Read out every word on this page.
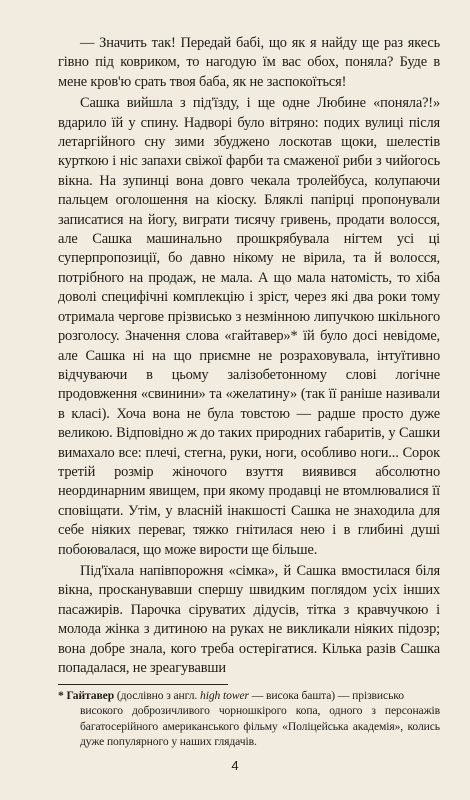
— Значить так! Передай бабі, що як я найду ще раз якесь гівно під ковриком, то нагодую їм вас обох, поняла? Буде в мене кров'ю срать твоя баба, як не заспокоїться!

Сашка вийшла з під'їзду, і ще одне Любине «поняла?!» вдарило їй у спину. Надворі було вітряно: подих вулиці після летаргійного сну зими збуджено лоскотав щоки, шелестів курткою і ніс запахи свіжої фарби та смаженої риби з чийогось вікна. На зупинці вона довго чекала тролейбуса, колупаючи пальцем оголошення на кіоску. Бляклі папірці пропонували записатися на йогу, виграти тисячу гривень, продати волосся, але Сашка машинально прошкрябувала нігтем усі ці суперпропозиції, бо давно нікому не вірила, та й волосся, потрібного на продаж, не мала. А що мала натомість, то хіба доволі специфічні комплекцію і зріст, через які два роки тому отримала чергове прізвисько з незмінною липучкою шкільного розголосу. Значення слова «гайтавер»* їй було досі невідоме, але Сашка ні на що приємне не розраховувала, інтуїтивно відчуваючи в цьому залізобетонному слові логічне продовження «свинини» та «желатину» (так її раніше називали в класі). Хоча вона не була товстою — радше просто дуже великою. Відповідно ж до таких природних габаритів, у Сашки вимахало все: плечі, стегна, руки, ноги, особливо ноги... Сорок третій розмір жіночого взуття виявився абсолютно неординарним явищем, при якому продавці не втомлювалися її сповіщати. Утім, у власній інакшості Сашка не знаходила для себе ніяких переваг, тяжко гнітилася нею і в глибині душі побоювалася, що може вирости ще більше.

Під'їхала напівпорожня «сімка», й Сашка вмостилася біля вікна, просканувавши спершу швидким поглядом усіх інших пасажирів. Парочка сіруватих дідусів, тітка з кравчучкою і молода жінка з дитиною на руках не викликали ніяких підозр; вона добре знала, кого треба остерігатися. Кілька разів Сашка попадалася, не зреагувавши

* Гайтавер (дослівно з англ. high tower — висока башта) — прізвисько
високого доброзичливого чорношкірого копа, одного з персонажів багатосерійного американського фільму «Поліцейська академія», колись дуже популярного у наших глядачів.

4
